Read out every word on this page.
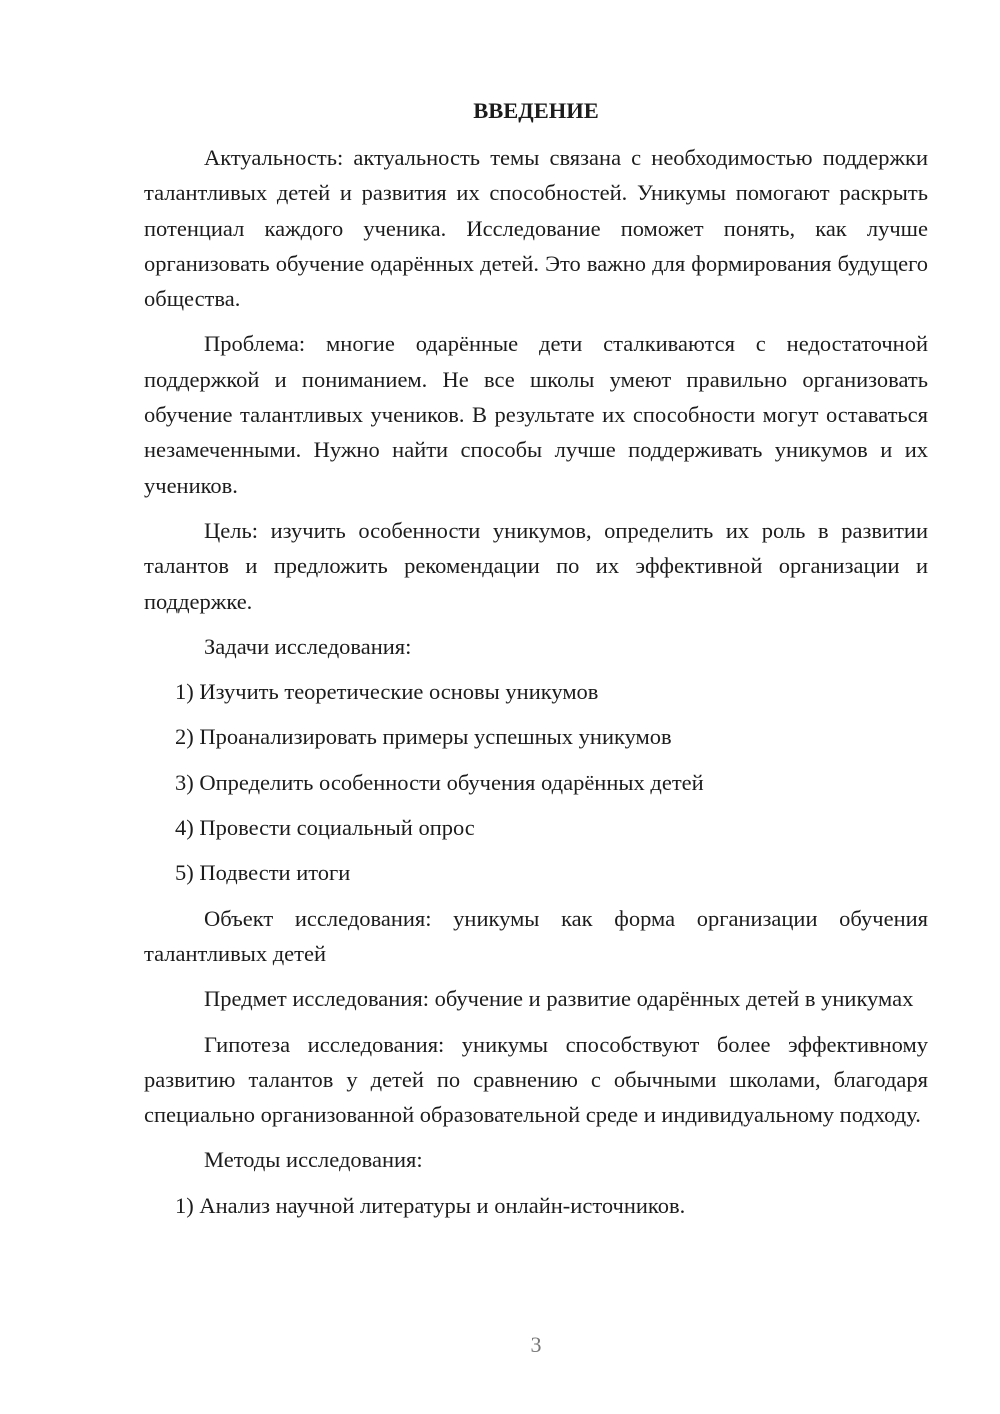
ВВЕДЕНИЕ

Актуальность: актуальность темы связана с необходимостью поддержки талантливых детей и развития их способностей. Уникумы помогают раскрыть потенциал каждого ученика. Исследование поможет понять, как лучше организовать обучение одарённых детей. Это важно для формирования будущего общества.

Проблема: многие одарённые дети сталкиваются с недостаточной поддержкой и пониманием. Не все школы умеют правильно организовать обучение талантливых учеников. В результате их способности могут оставаться незамеченными. Нужно найти способы лучше поддерживать уникумов и их учеников.

Цель: изучить особенности уникумов, определить их роль в развитии талантов и предложить рекомендации по их эффективной организации и поддержке.

Задачи исследования:

1) Изучить теоретические основы уникумов

2) Проанализировать примеры успешных уникумов

3) Определить особенности обучения одарённых детей

4) Провести социальный опрос

5) Подвести итоги

Объект исследования: уникумы как форма организации обучения талантливых детей

Предмет исследования: обучение и развитие одарённых детей в уникумах

Гипотеза исследования: уникумы способствуют более эффективному развитию талантов у детей по сравнению с обычными школами, благодаря специально организованной образовательной среде и индивидуальному подходу.

Методы исследования:

1) Анализ научной литературы и онлайн-источников.

3
